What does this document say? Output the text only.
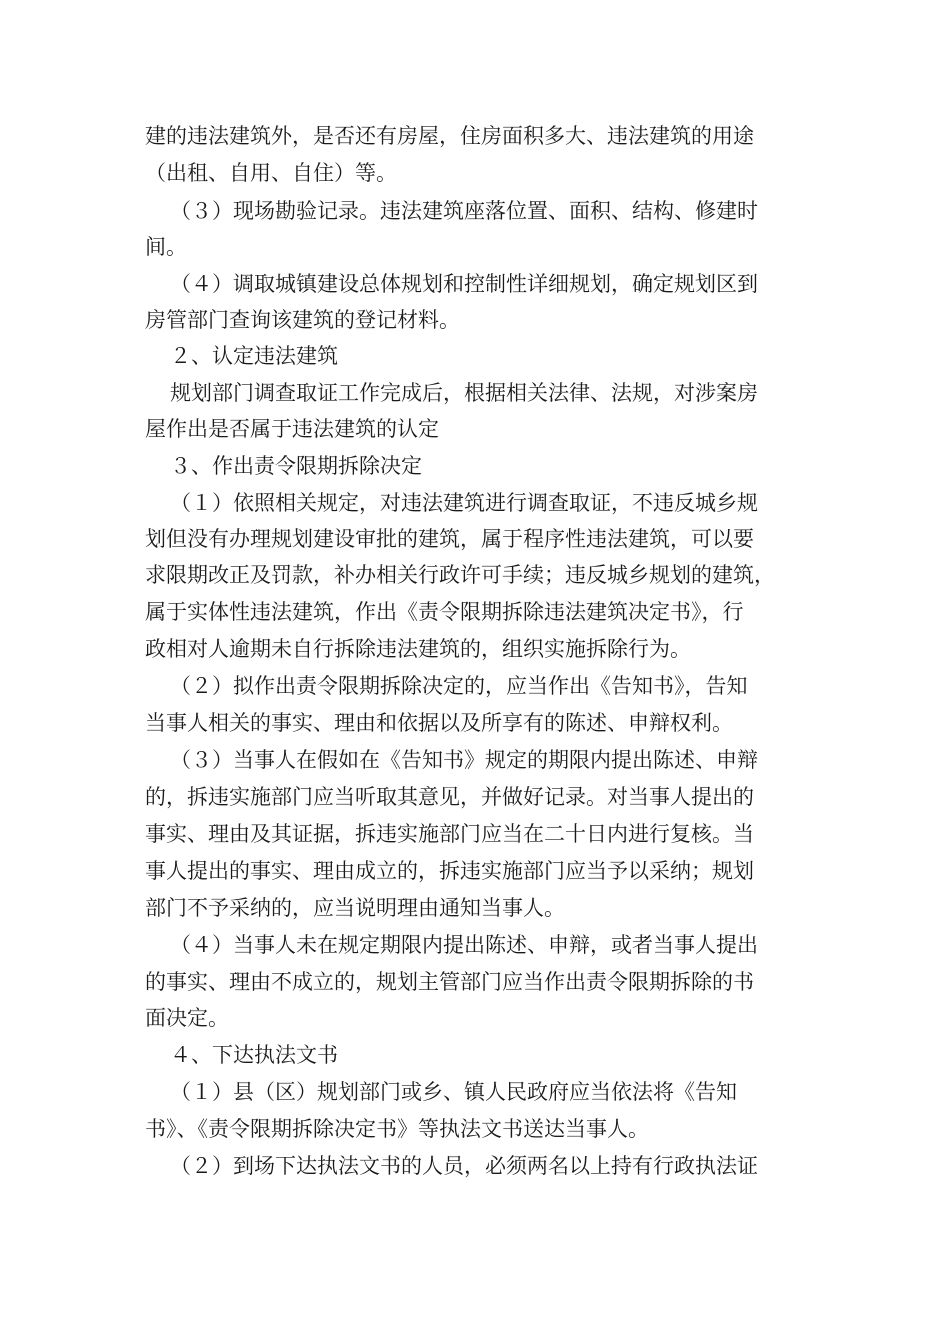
建的违法建筑外，是否还有房屋，住房面积多大、违法建筑的用途
（出租、自用、自住）等。
（３）现场勘验记录。违法建筑座落位置、面积、结构、修建时
间。
（４）调取城镇建设总体规划和控制性详细规划，确定规划区到
房管部门查询该建筑的登记材料。
２、认定违法建筑
规划部门调查取证工作完成后，根据相关法律、法规，对涉案房
屋作出是否属于违法建筑的认定
３、作出责令限期拆除决定
（１）依照相关规定，对违法建筑进行调查取证，不违反城乡规
划但没有办理规划建设审批的建筑，属于程序性违法建筑，可以要
求限期改正及罚款，补办相关行政许可手续；违反城乡规划的建筑，
属于实体性违法建筑，作出《责令限期拆除违法建筑决定书》，行
政相对人逾期未自行拆除违法建筑的，组织实施拆除行为。
（２）拟作出责令限期拆除决定的，应当作出《告知书》，告知
当事人相关的事实、理由和依据以及所享有的陈述、申辩权利。
（３）当事人在假如在《告知书》规定的期限内提出陈述、申辩
的，拆违实施部门应当听取其意见，并做好记录。对当事人提出的
事实、理由及其证据，拆违实施部门应当在二十日内进行复核。当
事人提出的事实、理由成立的，拆违实施部门应当予以采纳；规划
部门不予采纳的，应当说明理由通知当事人。
（４）当事人未在规定期限内提出陈述、申辩，或者当事人提出
的事实、理由不成立的，规划主管部门应当作出责令限期拆除的书
面决定。
４、下达执法文书
（１）县（区）规划部门或乡、镇人民政府应当依法将《告知
书》、《责令限期拆除决定书》等执法文书送达当事人。
（２）到场下达执法文书的人员，必须两名以上持有行政执法证
